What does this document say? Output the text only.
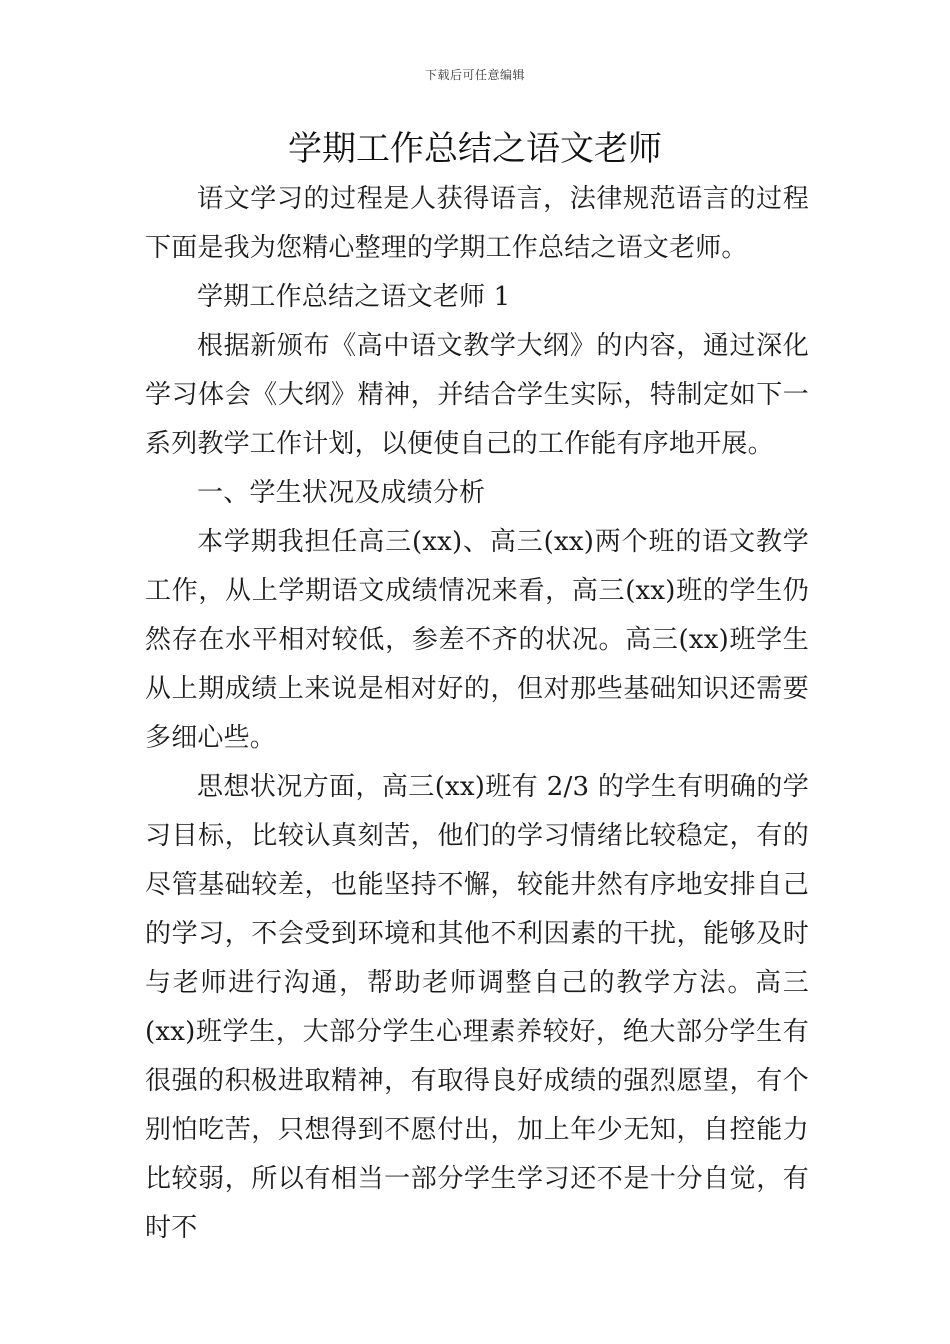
下载后可任意编辑
学期工作总结之语文老师

语文学习的过程是人获得语言，法律规范语言的过程下面是我为您精心整理的学期工作总结之语文老师。

学期工作总结之语文老师 1

根据新颁布《高中语文教学大纲》的内容，通过深化学习体会《大纲》精神，并结合学生实际，特制定如下一系列教学工作计划，以便使自己的工作能有序地开展。

一、学生状况及成绩分析

本学期我担任高三(xx)、高三(xx)两个班的语文教学工作，从上学期语文成绩情况来看，高三(xx)班的学生仍然存在水平相对较低，参差不齐的状况。高三(xx)班学生从上期成绩上来说是相对好的，但对那些基础知识还需要多细心些。

思想状况方面，高三(xx)班有 2/3 的学生有明确的学习目标，比较认真刻苦，他们的学习情绪比较稳定，有的尽管基础较差，也能坚持不懈，较能井然有序地安排自己的学习，不会受到环境和其他不利因素的干扰，能够及时与老师进行沟通，帮助老师调整自己的教学方法。高三(xx)班学生，大部分学生心理素养较好，绝大部分学生有很强的积极进取精神，有取得良好成绩的强烈愿望，有个别怕吃苦，只想得到不愿付出，加上年少无知，自控能力比较弱，所以有相当一部分学生学习还不是十分自觉，有时不
